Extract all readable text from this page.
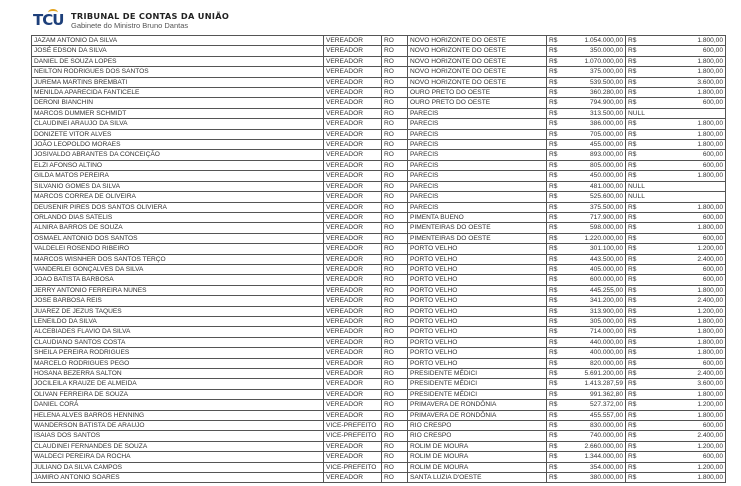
TCU TRIBUNAL DE CONTAS DA UNIÃO
Gabinete do Ministro Bruno Dantas
JAZAM ANTONIO DA SILVA	VEREADOR	RO	NOVO HORIZONTE DO OESTE	R$	1.054.000,00	R$	1.800,00
JOSÉ EDSON DA SILVA	VEREADOR	RO	NOVO HORIZONTE DO OESTE	R$	350.000,00	R$	600,00
DANIEL DE SOUZA LOPES	VEREADOR	RO	NOVO HORIZONTE DO OESTE	R$	1.070.000,00	R$	1.800,00
NEILTON RODRIGUES DOS SANTOS	VEREADOR	RO	NOVO HORIZONTE DO OESTE	R$	375.000,00	R$	1.800,00
JUREMA MARTINS BREMBATI	VEREADOR	RO	NOVO HORIZONTE DO OESTE	R$	539.500,00	R$	3.600,00
MENILDA APARECIDA FANTICELE	VEREADOR	RO	OURO PRETO DO OESTE	R$	360.280,00	R$	1.800,00
DERONI BIANCHIN	VEREADOR	RO	OURO PRETO DO OESTE	R$	794.900,00	R$	600,00
MARCOS DUMMER SCHMIDT	VEREADOR	RO	PARECIS	R$	313.500,00	NULL	
CLAUDINEI ARAUJO DA SILVA	VEREADOR	RO	PARECIS	R$	386.000,00	R$	1.800,00
DONIZETE VITOR ALVES	VEREADOR	RO	PARECIS	R$	705.000,00	R$	1.800,00
JOÃO LEOPOLDO MORAES	VEREADOR	RO	PARECIS	R$	455.000,00	R$	1.800,00
JOSIVALDO ABRANTES DA CONCEIÇÃO	VEREADOR	RO	PARECIS	R$	893.000,00	R$	600,00
ELZI AFONSO ALTINO	VEREADOR	RO	PARECIS	R$	805.000,00	R$	600,00
GILDA MATOS PEREIRA	VEREADOR	RO	PARECIS	R$	450.000,00	R$	1.800,00
SILVANIO GOMES DA SILVA	VEREADOR	RO	PARECIS	R$	481.000,00	NULL	
MARCOS CORREA DE OLIVEIRA	VEREADOR	RO	PARECIS	R$	525.600,00	NULL	
DEUSENIR PIRES DOS SANTOS OLIVIERA	VEREADOR	RO	PARECIS	R$	375.500,00	R$	1.800,00
ORLANDO DIAS SATELIS	VEREADOR	RO	PIMENTA BUENO	R$	717.900,00	R$	600,00
ALNIRA BARROS DE SOUZA	VEREADOR	RO	PIMENTEIRAS DO OESTE	R$	598.000,00	R$	1.800,00
OSMAEL ANTONIO DOS SANTOS	VEREADOR	RO	PIMENTEIRAS DO OESTE	R$	1.220.000,00	R$	600,00
VALDELEI ROSENDO RIBEIRO	VEREADOR	RO	PORTO VELHO	R$	301.100,00	R$	1.200,00
MARCOS WISNHER DOS SANTOS TERÇO	VEREADOR	RO	PORTO VELHO	R$	443.500,00	R$	2.400,00
VANDERLEI GONÇALVES DA SILVA	VEREADOR	RO	PORTO VELHO	R$	405.000,00	R$	600,00
JOAO BATISTA BARBOSA	VEREADOR	RO	PORTO VELHO	R$	600.000,00	R$	600,00
JERRY ANTONIO FERREIRA NUNES	VEREADOR	RO	PORTO VELHO	R$	445.255,00	R$	1.800,00
JOSE BARBOSA REIS	VEREADOR	RO	PORTO VELHO	R$	341.200,00	R$	2.400,00
JUAREZ DE JEZUS TAQUES	VEREADOR	RO	PORTO VELHO	R$	313.900,00	R$	1.200,00
LENEILDO DA SILVA	VEREADOR	RO	PORTO VELHO	R$	305.000,00	R$	1.800,00
ALCEBIADES FLAVIO DA SILVA	VEREADOR	RO	PORTO VELHO	R$	714.000,00	R$	1.800,00
CLAUDIANO SANTOS COSTA	VEREADOR	RO	PORTO VELHO	R$	440.000,00	R$	1.800,00
SHEILA PEREIRA RODRIGUES	VEREADOR	RO	PORTO VELHO	R$	400.000,00	R$	1.800,00
MARCELO RODRIGUES PEGO	VEREADOR	RO	PORTO VELHO	R$	820.000,00	R$	600,00
HOSANA BEZERRA SALTON	VEREADOR	RO	PRESIDENTE MÉDICI	R$	5.691.200,00	R$	2.400,00
JOCILEILA KRAUZE DE ALMEIDA	VEREADOR	RO	PRESIDENTE MÉDICI	R$	1.413.287,59	R$	3.600,00
OLIVAN FERREIRA DE SOUZA	VEREADOR	RO	PRESIDENTE MÉDICI	R$	991.362,80	R$	1.800,00
DANIEL CORÁ	VEREADOR	RO	PRIMAVERA DE RONDÔNIA	R$	527.372,00	R$	1.200,00
HELENA ALVES BARROS HENNING	VEREADOR	RO	PRIMAVERA DE RONDÔNIA	R$	455.557,00	R$	1.800,00
WANDERSON BATISTA DE ARAUJO	VICE-PREFEITO	RO	RIO CRESPO	R$	830.000,00	R$	600,00
ISAIAS DOS SANTOS	VICE-PREFEITO	RO	RIO CRESPO	R$	740.000,00	R$	2.400,00
CLAUDINEI FERNANDES DE SOUZA	VEREADOR	RO	ROLIM DE MOURA	R$	2.660.000,00	R$	1.200,00
WALDECI PEREIRA DA ROCHA	VEREADOR	RO	ROLIM DE MOURA	R$	1.344.000,00	R$	600,00
JULIANO DA SILVA CAMPOS	VICE-PREFEITO	RO	ROLIM DE MOURA	R$	354.000,00	R$	1.200,00
JAMIRO ANTONIO SOARES	VEREADOR	RO	SANTA LUZIA D'OESTE	R$	380.000,00	R$	1.800,00
